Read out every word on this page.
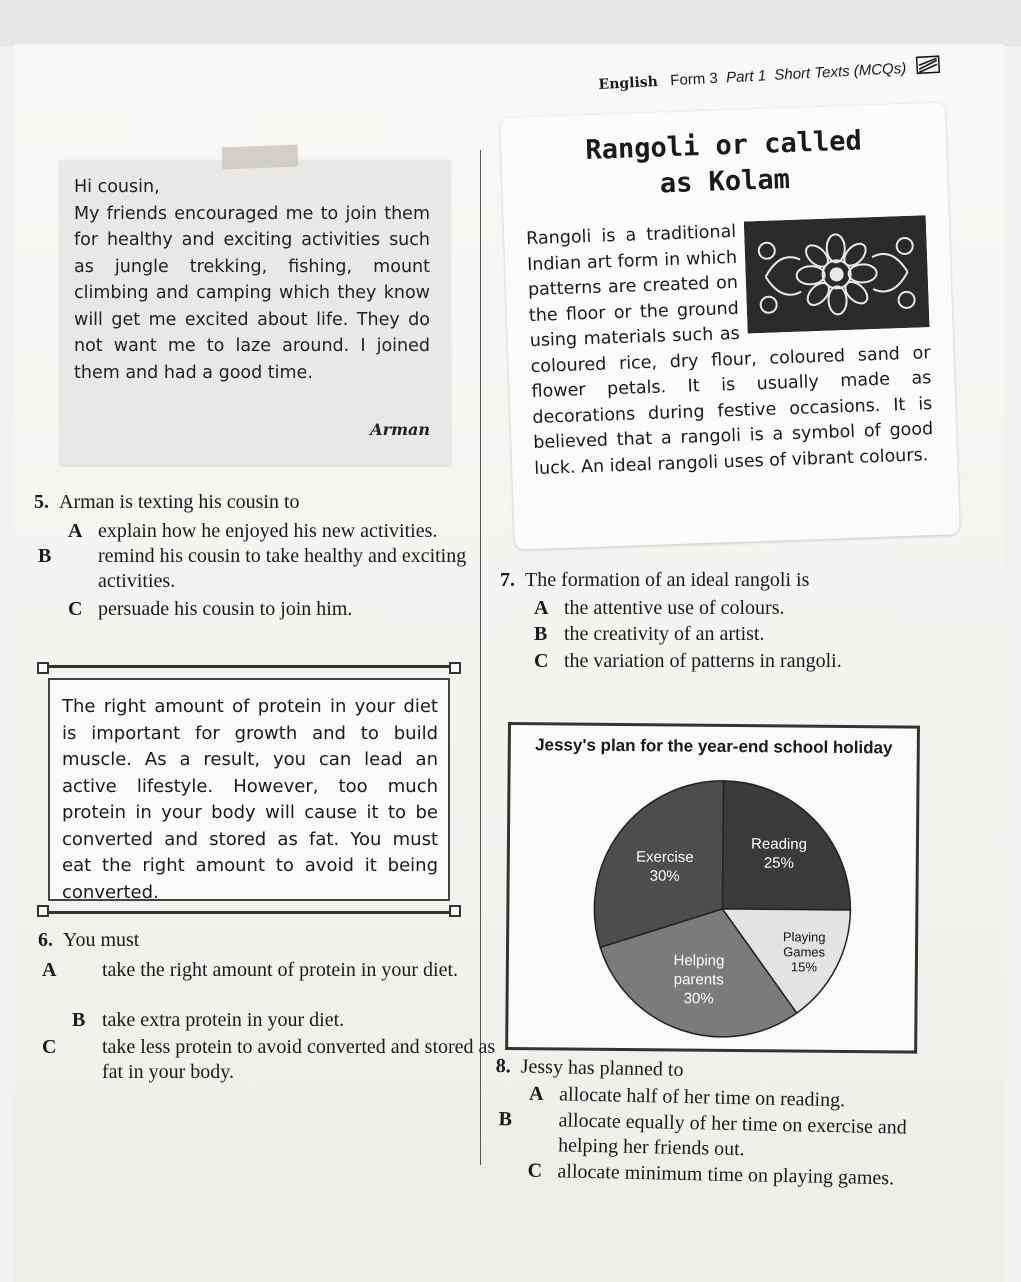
English Form 3 Part 1 Short Texts (MCQs)

Hi cousin,

My friends encouraged me to join them for healthy and exciting activities such as jungle trekking, fishing, mount climbing and camping which they know will get me excited about life. They do not want me to laze around. I joined them and had a good time.

Arman
5. Arman is texting his cousin to
A explain how he enjoyed his new activities.
B remind his cousin to take healthy and exciting activities.
C persuade his cousin to join him.
Rangoli or called
as Kolam
Rangoli is a traditional Indian art form in which patterns are created on the floor or the ground using materials such as coloured rice, dry flour, coloured sand or flower petals. It is usually made as decorations during festive occasions. It is believed that a rangoli is a symbol of good luck. An ideal rangoli uses of vibrant colours.
7. The formation of an ideal rangoli is
A the attentive use of colours.
B the creativity of an artist.
C the variation of patterns in rangoli.
The right amount of protein in your diet is important for growth and to build muscle. As a result, you can lead an active lifestyle. However, too much protein in your body will cause it to be converted and stored as fat. You must eat the right amount to avoid it being converted.
6. You must
A take the right amount of protein in your diet.
B take extra protein in your diet.
C take less protein to avoid converted and stored as fat in your body.
Jessy's plan for the year-end school holiday
Reading 25%
Playing Games 15%
Helping parents 30%
Exercise 30%
8. Jessy has planned to
A allocate half of her time on reading.
B allocate equally of her time on exercise and helping her friends out.
C allocate minimum time on playing games.
